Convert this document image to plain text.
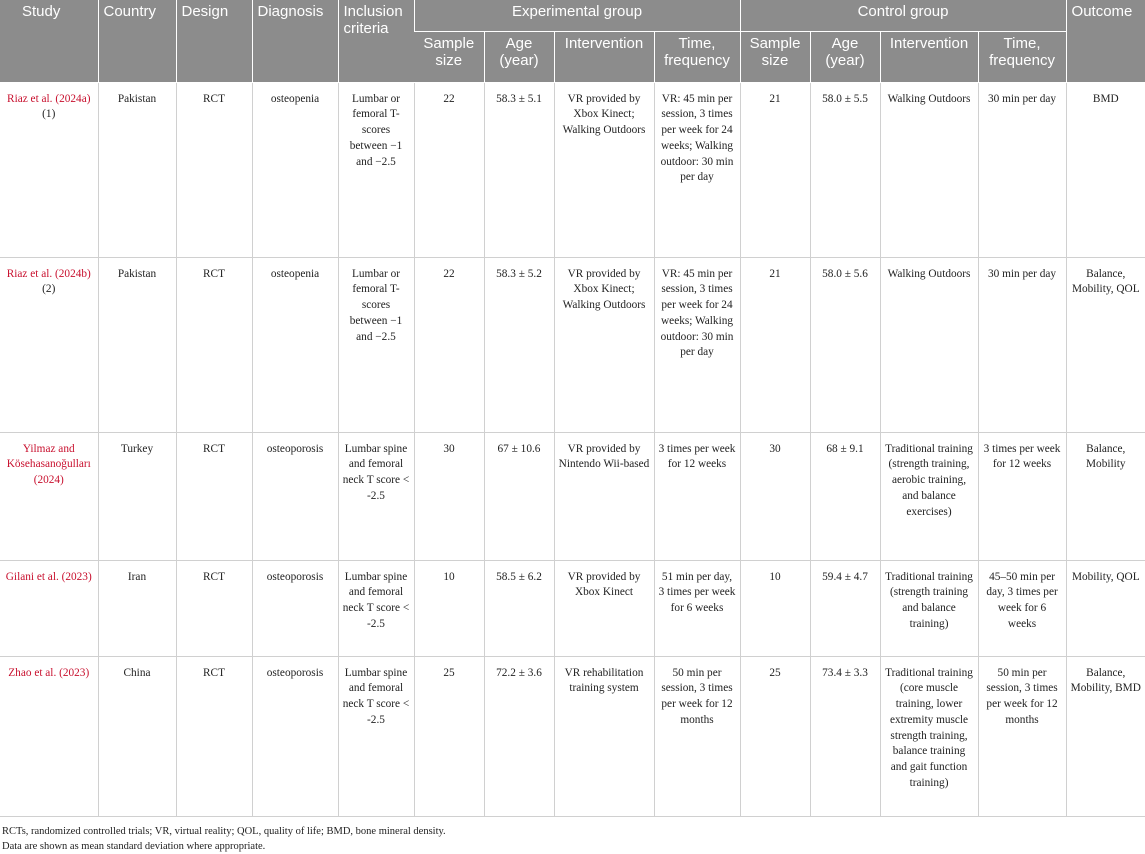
Study	Country	Design	Diagnosis	Inclusion criteria	Experimental group				Control group				Outcome
					Sample size	Age (year)	Intervention	Time, frequency	Sample size	Age (year)	Intervention	Time, frequency	
Riaz et al. (2024a) (1)	Pakistan	RCT	osteopenia	Lumbar or femoral T-scores between −1 and −2.5	22	58.3 ± 5.1	VR provided by Xbox Kinect; Walking Outdoors	VR: 45 min per session, 3 times per week for 24 weeks; Walking outdoor: 30 min per day	21	58.0 ± 5.5	Walking Outdoors	30 min per day	BMD
Riaz et al. (2024b) (2)	Pakistan	RCT	osteopenia	Lumbar or femoral T-scores between −1 and −2.5	22	58.3 ± 5.2	VR provided by Xbox Kinect; Walking Outdoors	VR: 45 min per session, 3 times per week for 24 weeks; Walking outdoor: 30 min per day	21	58.0 ± 5.6	Walking Outdoors	30 min per day	Balance, Mobility, QOL
Yilmaz and Kösehasanoğulları (2024)	Turkey	RCT	osteoporosis	Lumbar spine and femoral neck T score < -2.5	30	67 ± 10.6	VR provided by Nintendo Wii-based	3 times per week for 12 weeks	30	68 ± 9.1	Traditional training (strength training, aerobic training, and balance exercises)	3 times per week for 12 weeks	Balance, Mobility
Gilani et al. (2023)	Iran	RCT	osteoporosis	Lumbar spine and femoral neck T score < -2.5	10	58.5 ± 6.2	VR provided by Xbox Kinect	51 min per day, 3 times per week for 6 weeks	10	59.4 ± 4.7	Traditional training (strength training and balance training)	45–50 min per day, 3 times per week for 6 weeks	Mobility, QOL
Zhao et al. (2023)	China	RCT	osteoporosis	Lumbar spine and femoral neck T score < -2.5	25	72.2 ± 3.6	VR rehabilitation training system	50 min per session, 3 times per week for 12 months	25	73.4 ± 3.3	Traditional training (core muscle training, lower extremity muscle strength training, balance training and gait function training)	50 min per session, 3 times per week for 12 months	Balance, Mobility, BMD
RCTs, randomized controlled trials; VR, virtual reality; QOL, quality of life; BMD, bone mineral density.
Data are shown as mean standard deviation where appropriate.
